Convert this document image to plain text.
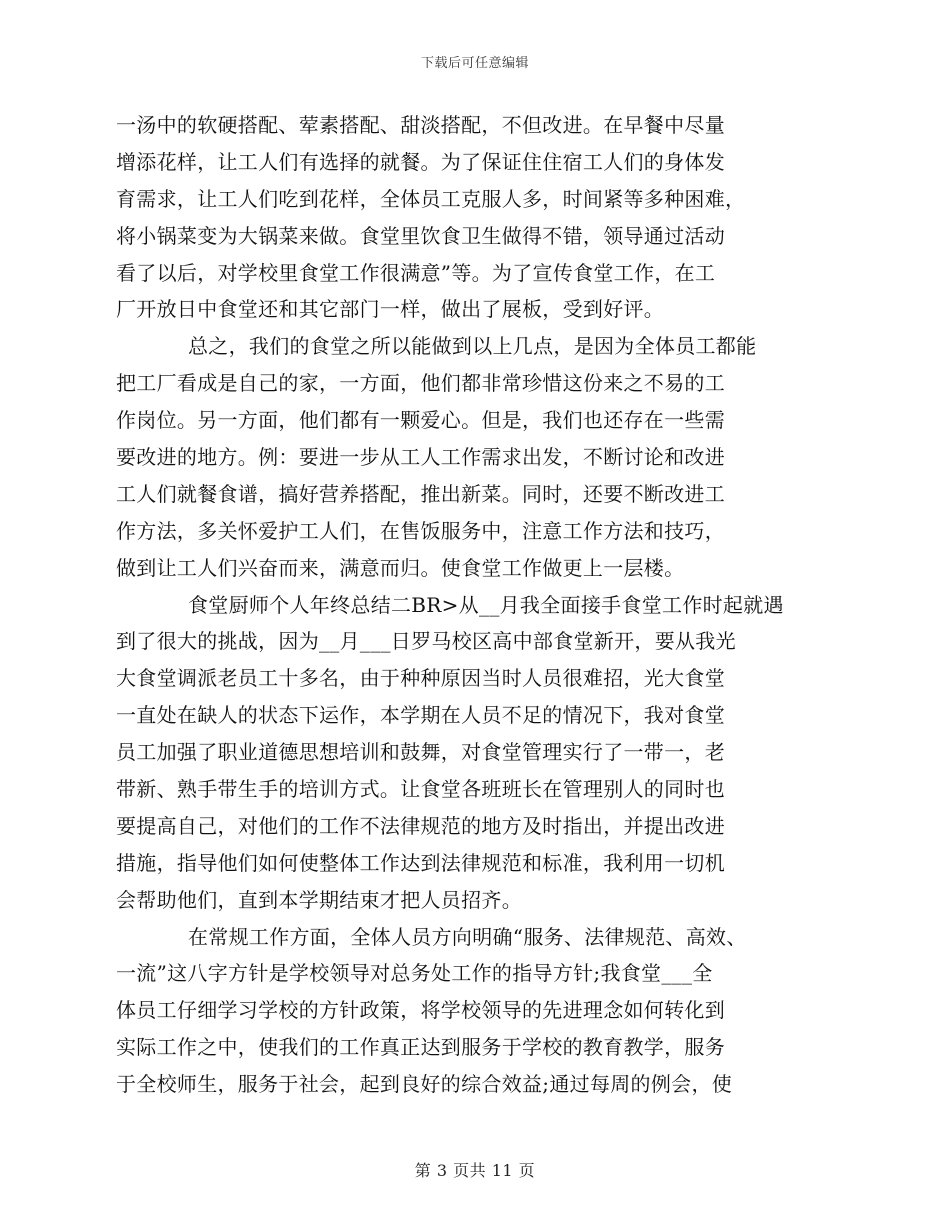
下载后可任意编辑
一汤中的软硬搭配、荤素搭配、甜淡搭配，不但改进。在早餐中尽量
增添花样，让工人们有选择的就餐。为了保证住住宿工人们的身体发
育需求，让工人们吃到花样，全体员工克服人多，时间紧等多种困难，
将小锅菜变为大锅菜来做。食堂里饮食卫生做得不错，领导通过活动
看了以后，对学校里食堂工作很满意”等。为了宣传食堂工作，在工
厂开放日中食堂还和其它部门一样，做出了展板，受到好评。
总之，我们的食堂之所以能做到以上几点，是因为全体员工都能
把工厂看成是自己的家，一方面，他们都非常珍惜这份来之不易的工
作岗位。另一方面，他们都有一颗爱心。但是，我们也还存在一些需
要改进的地方。例：要进一步从工人工作需求出发，不断讨论和改进
工人们就餐食谱，搞好营养搭配，推出新菜。同时，还要不断改进工
作方法，多关怀爱护工人们，在售饭服务中，注意工作方法和技巧，
做到让工人们兴奋而来，满意而归。使食堂工作做更上一层楼。
食堂厨师个人年终总结二BR>从__月我全面接手食堂工作时起就遇
到了很大的挑战，因为__月___日罗马校区高中部食堂新开，要从我光
大食堂调派老员工十多名，由于种种原因当时人员很难招，光大食堂
一直处在缺人的状态下运作，本学期在人员不足的情况下，我对食堂
员工加强了职业道德思想培训和鼓舞，对食堂管理实行了一带一，老
带新、熟手带生手的培训方式。让食堂各班班长在管理别人的同时也
要提高自己，对他们的工作不法律规范的地方及时指出，并提出改进
措施，指导他们如何使整体工作达到法律规范和标准，我利用一切机
会帮助他们，直到本学期结束才把人员招齐。
在常规工作方面，全体人员方向明确“服务、法律规范、高效、
一流”这八字方针是学校领导对总务处工作的指导方针;我食堂___全
体员工仔细学习学校的方针政策，将学校领导的先进理念如何转化到
实际工作之中，使我们的工作真正达到服务于学校的教育教学，服务
于全校师生，服务于社会，起到良好的综合效益;通过每周的例会，使
第 3 页共 11 页
